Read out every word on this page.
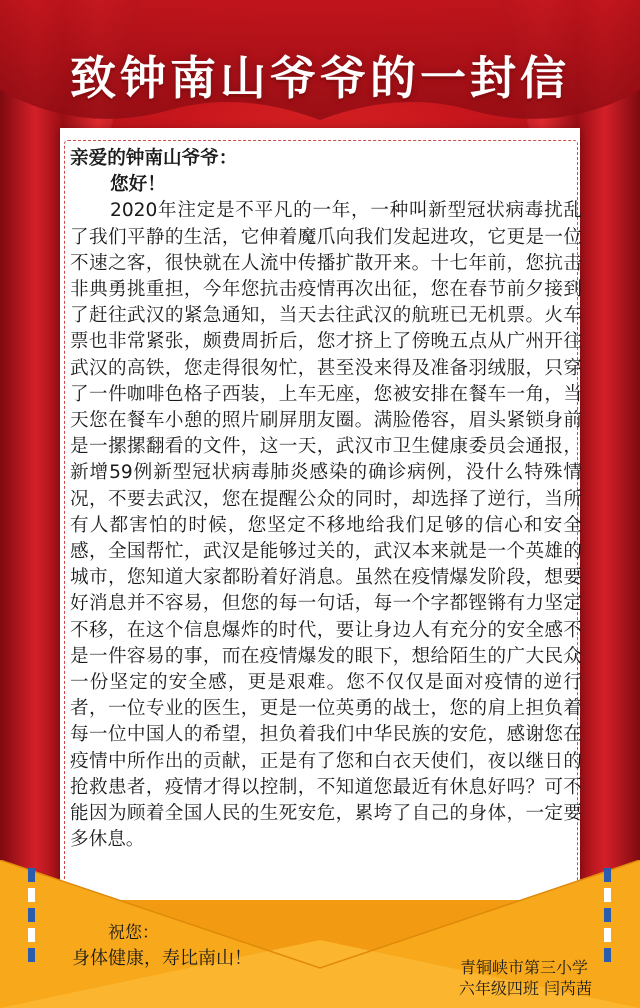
致钟南山爷爷的一封信

亲爱的钟南山爷爷：

您好！

2020年注定是不平凡的一年，一种叫新型冠状病毒扰乱了我们平静的生活，它伸着魔爪向我们发起进攻，它更是一位不速之客，很快就在人流中传播扩散开来。十七年前，您抗击非典勇挑重担，今年您抗击疫情再次出征，您在春节前夕接到了赶往武汉的紧急通知，当天去往武汉的航班已无机票。火车票也非常紧张，颇费周折后，您才挤上了傍晚五点从广州开往武汉的高铁，您走得很匆忙，甚至没来得及准备羽绒服，只穿了一件咖啡色格子西装，上车无座，您被安排在餐车一角，当天您在餐车小憩的照片刷屏朋友圈。满脸倦容，眉头紧锁身前是一摞摞翻看的文件，这一天，武汉市卫生健康委员会通报，新增59例新型冠状病毒肺炎感染的确诊病例，没什么特殊情况，不要去武汉，您在提醒公众的同时，却选择了逆行，当所有人都害怕的时候，您坚定不移地给我们足够的信心和安全感，全国帮忙，武汉是能够过关的，武汉本来就是一个英雄的城市，您知道大家都盼着好消息。虽然在疫情爆发阶段，想要好消息并不容易，但您的每一句话，每一个字都铿锵有力坚定不移，在这个信息爆炸的时代，要让身边人有充分的安全感不是一件容易的事，而在疫情爆发的眼下，想给陌生的广大民众一份坚定的安全感，更是艰难。您不仅仅是面对疫情的逆行者，一位专业的医生，更是一位英勇的战士，您的肩上担负着每一位中国人的希望，担负着我们中华民族的安危，感谢您在疫情中所作出的贡献，正是有了您和白衣天使们，夜以继日的抢救患者，疫情才得以控制，不知道您最近有休息好吗？可不能因为顾着全国人民的生死安危，累垮了自己的身体，一定要多休息。

祝您：
身体健康，寿比南山！	青铜峡市第三小学
六年级四班 闫芮茜
